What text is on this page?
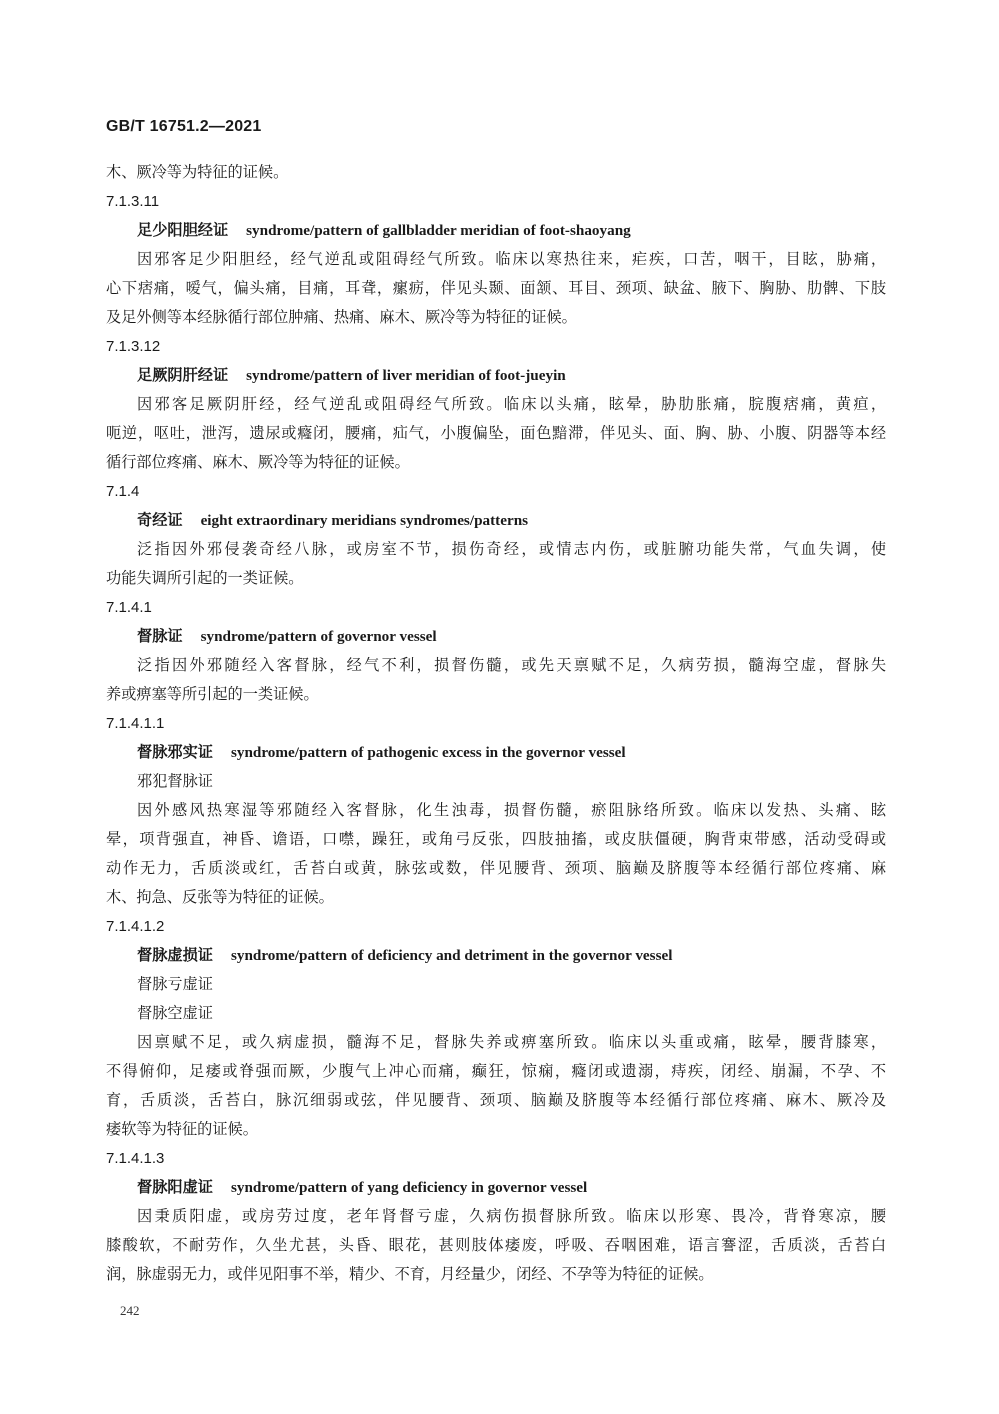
GB/T 16751.2—2021
木、厥冷等为特征的证候。
7.1.3.11
足少阳胆经证 syndrome/pattern of gallbladder meridian of foot-shaoyang
因邪客足少阳胆经，经气逆乱或阻碍经气所致。临床以寒热往来，疟疾，口苦，咽干，目眩，胁痛，
心下痞痛，嗳气，偏头痛，目痛，耳聋，瘰疬，伴见头颞、面颔、耳目、颈项、缺盆、腋下、胸胁、肋髀、下肢
及足外侧等本经脉循行部位肿痛、热痛、麻木、厥冷等为特征的证候。
7.1.3.12
足厥阴肝经证 syndrome/pattern of liver meridian of foot-jueyin
因邪客足厥阴肝经，经气逆乱或阻碍经气所致。临床以头痛，眩晕，胁肋胀痛，脘腹痞痛，黄疸，
呃逆，呕吐，泄泻，遗尿或癃闭，腰痛，疝气，小腹偏坠，面色黯滞，伴见头、面、胸、胁、小腹、阴器等本经
循行部位疼痛、麻木、厥冷等为特征的证候。
7.1.4
奇经证 eight extraordinary meridians syndromes/patterns
泛指因外邪侵袭奇经八脉，或房室不节，损伤奇经，或情志内伤，或脏腑功能失常，气血失调，使
功能失调所引起的一类证候。
7.1.4.1
督脉证 syndrome/pattern of governor vessel
泛指因外邪随经入客督脉，经气不利，损督伤髓，或先天禀赋不足，久病劳损，髓海空虚，督脉失
养或痹塞等所引起的一类证候。
7.1.4.1.1
督脉邪实证 syndrome/pattern of pathogenic excess in the governor vessel
邪犯督脉证
因外感风热寒湿等邪随经入客督脉，化生浊毒，损督伤髓，瘀阻脉络所致。临床以发热、头痛、眩
晕，项背强直，神昏、谵语，口噤，躁狂，或角弓反张，四肢抽搐，或皮肤僵硬，胸背束带感，活动受碍或
动作无力，舌质淡或红，舌苔白或黄，脉弦或数，伴见腰背、颈项、脑巅及脐腹等本经循行部位疼痛、麻
木、拘急、反张等为特征的证候。
7.1.4.1.2
督脉虚损证 syndrome/pattern of deficiency and detriment in the governor vessel
督脉亏虚证
督脉空虚证
因禀赋不足，或久病虚损，髓海不足，督脉失养或痹塞所致。临床以头重或痛，眩晕，腰背膝寒，
不得俯仰，足痿或脊强而厥，少腹气上冲心而痛，癫狂，惊痫，癃闭或遗溺，痔疾，闭经、崩漏，不孕、不
育，舌质淡，舌苔白，脉沉细弱或弦，伴见腰背、颈项、脑巅及脐腹等本经循行部位疼痛、麻木、厥冷及
痿软等为特征的证候。
7.1.4.1.3
督脉阳虚证 syndrome/pattern of yang deficiency in governor vessel
因秉质阳虚，或房劳过度，老年肾督亏虚，久病伤损督脉所致。临床以形寒、畏冷，背脊寒凉，腰
膝酸软，不耐劳作，久坐尤甚，头昏、眼花，甚则肢体痿废，呼吸、吞咽困难，语言謇涩，舌质淡，舌苔白
润，脉虚弱无力，或伴见阳事不举，精少、不育，月经量少，闭经、不孕等为特征的证候。
242
